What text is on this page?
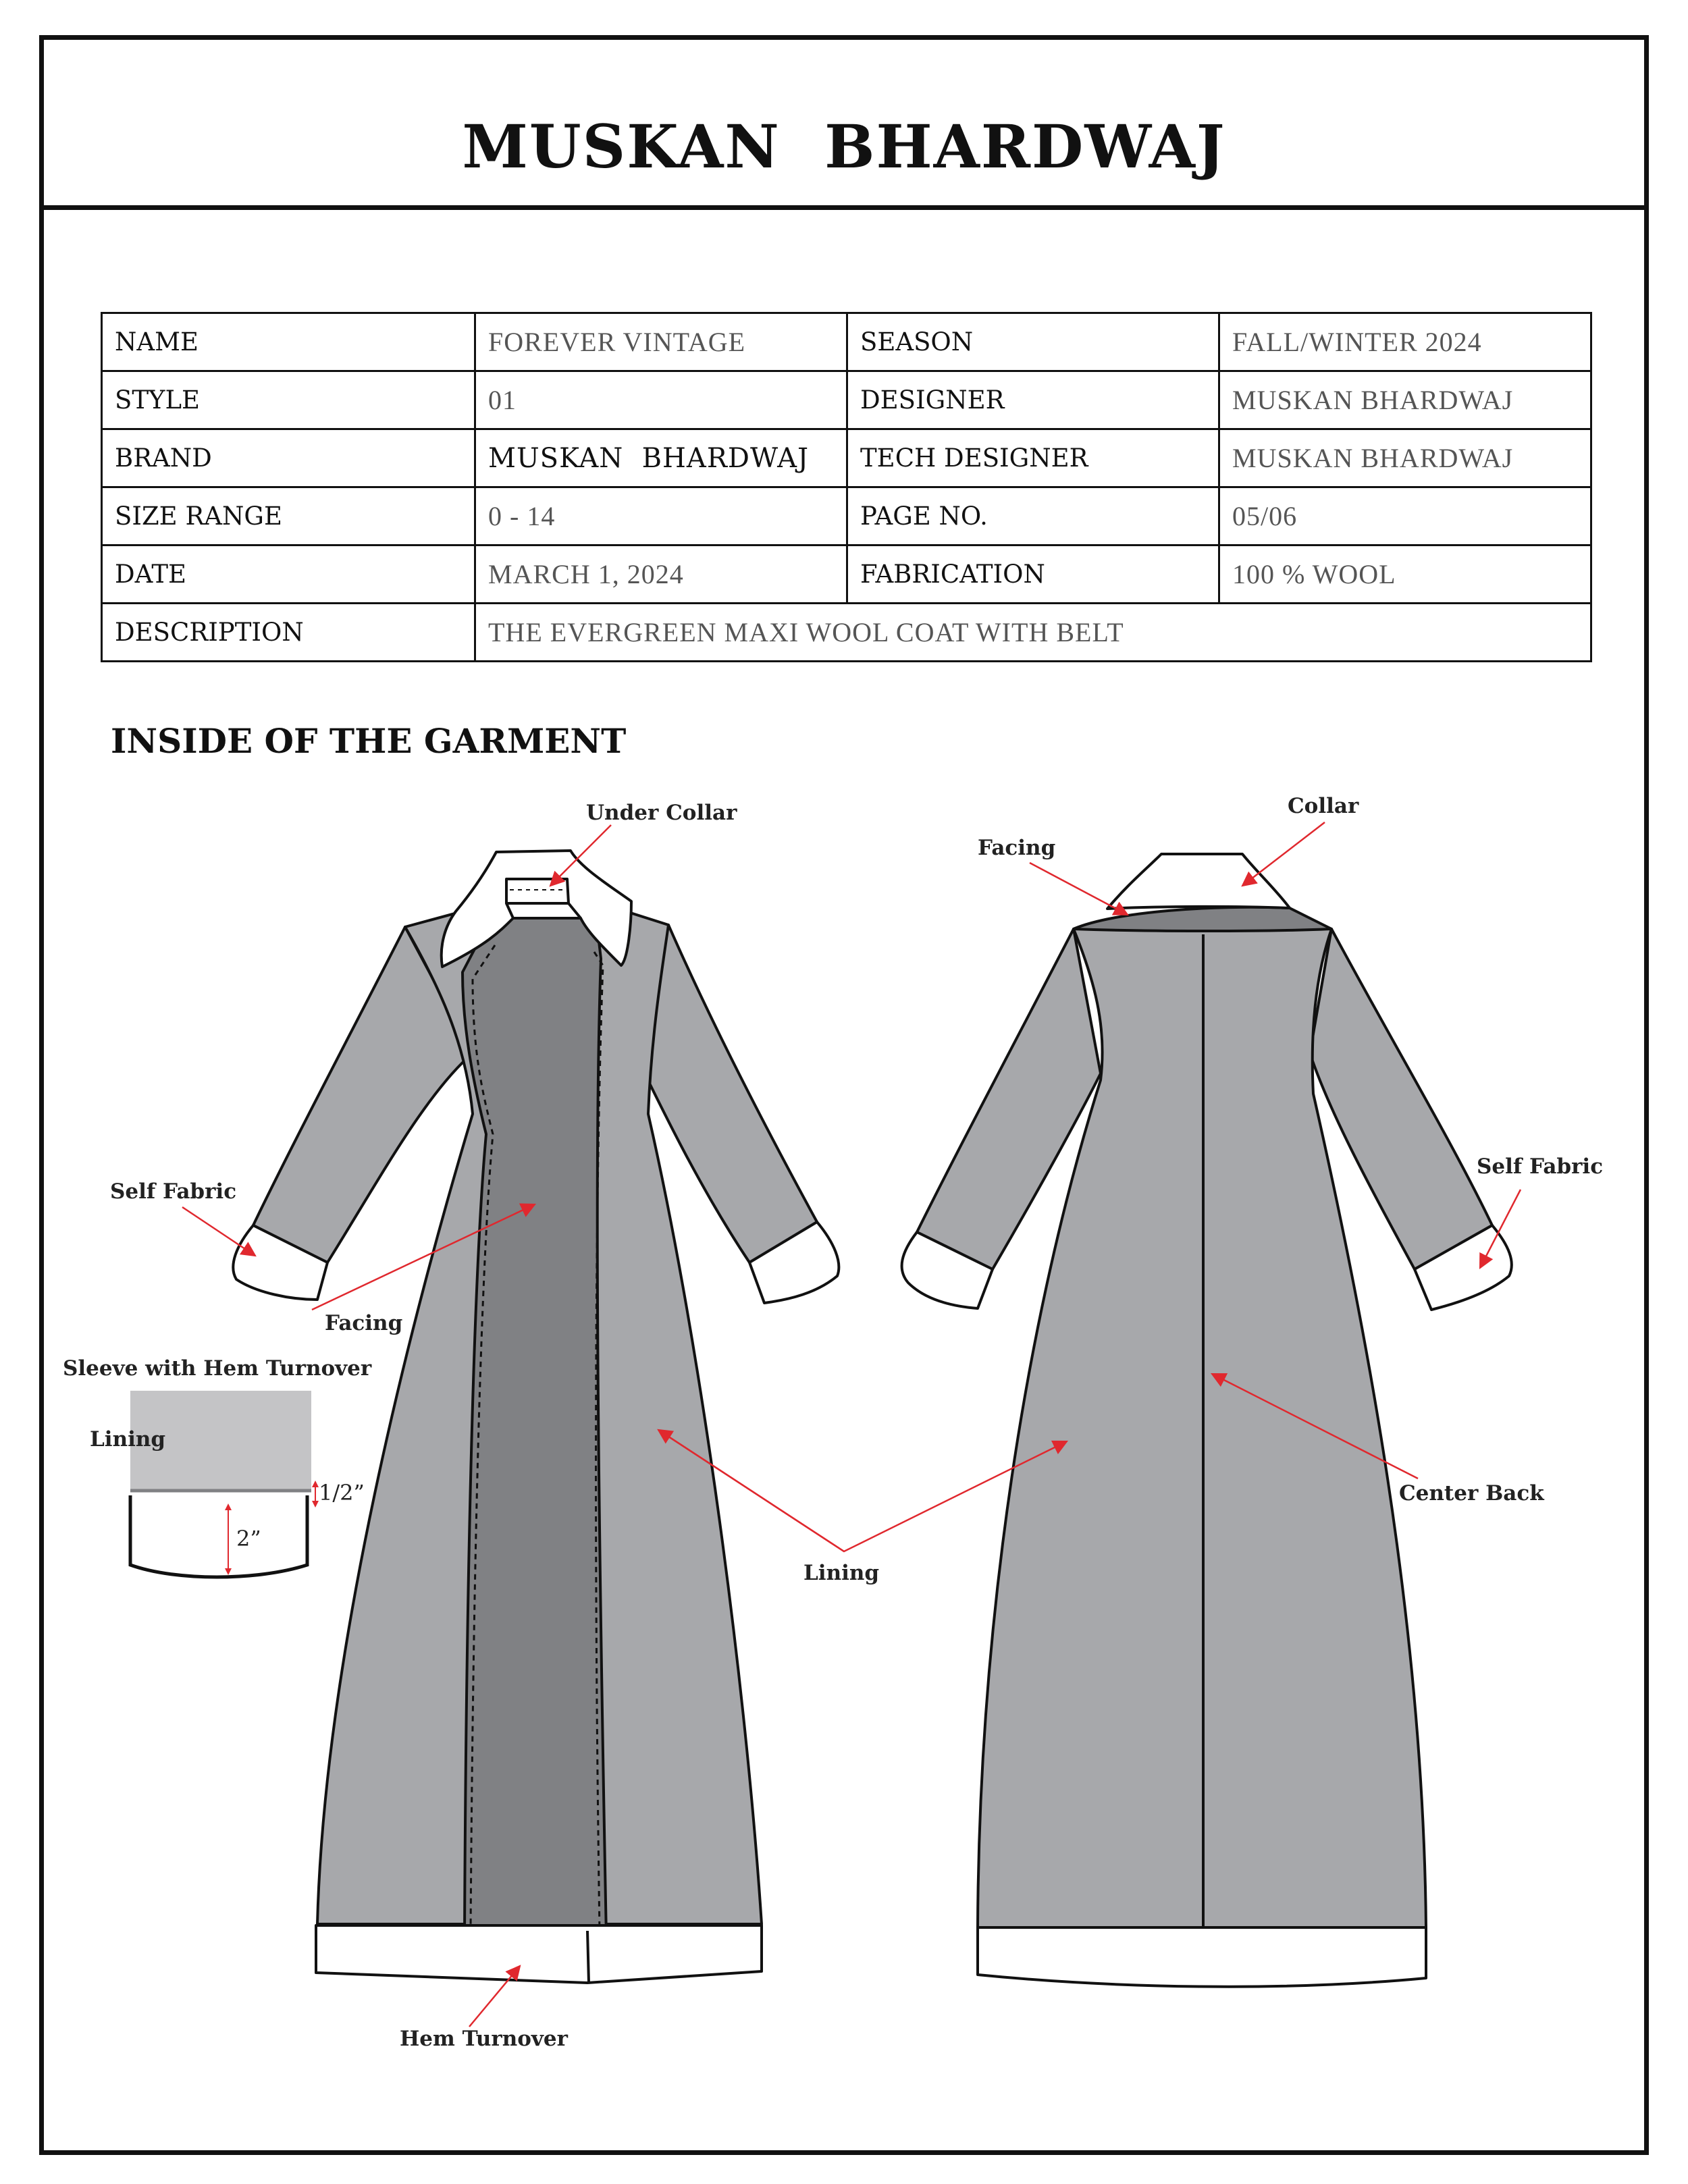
MUSKAN  BHARDWAJ
NAME	FOREVER VINTAGE	SEASON	FALL/WINTER 2024
STYLE	01	DESIGNER	MUSKAN BHARDWAJ
BRAND	MUSKAN  BHARDWAJ	TECH DESIGNER	MUSKAN BHARDWAJ
SIZE RANGE	0 - 14	PAGE NO.	05/06
DATE	MARCH 1, 2024	FABRICATION	100 % WOOL
DESCRIPTION	THE EVERGREEN MAXI WOOL COAT WITH BELT		
INSIDE OF THE GARMENT
Under Collar	Collar
Facing
Self Fabric
Self Fabric
Facing
Sleeve with Hem Turnover
Lining
1/2”
2”
Lining
Center Back
Hem Turnover
